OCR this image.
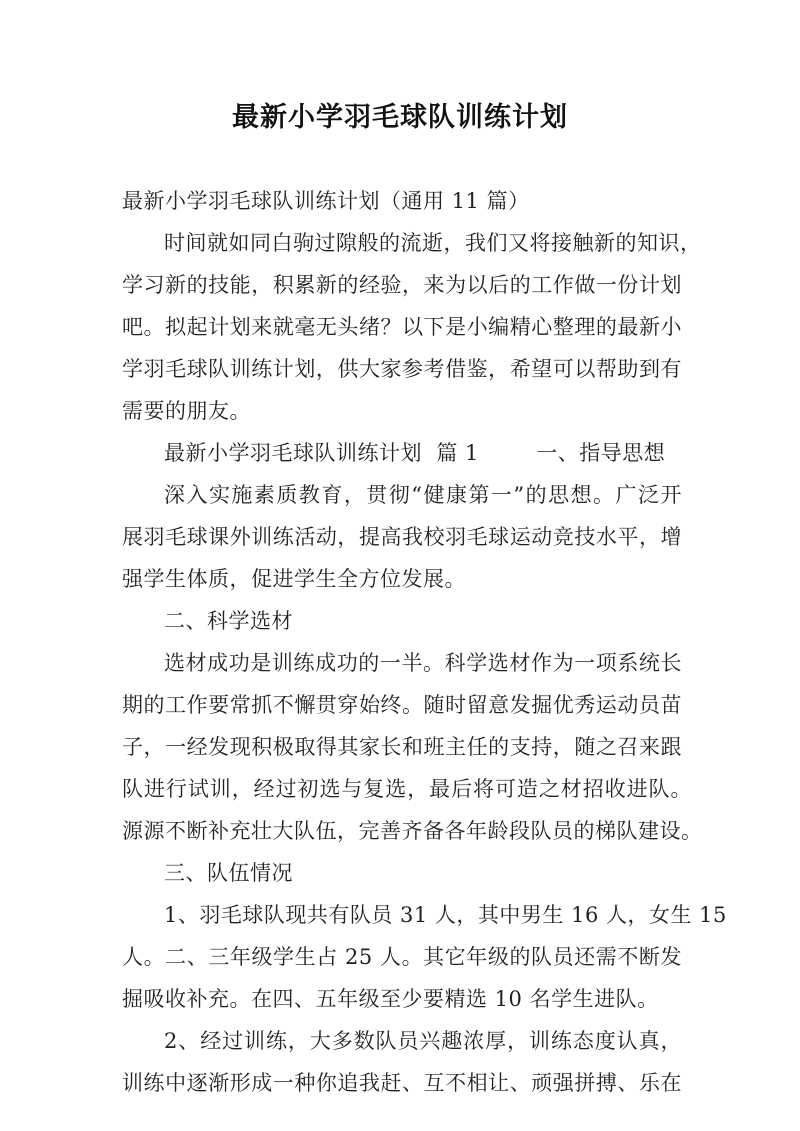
最新小学羽毛球队训练计划
最新小学羽毛球队训练计划（通用 11 篇）
时间就如同白驹过隙般的流逝，我们又将接触新的知识，
学习新的技能，积累新的经验，来为以后的工作做一份计划
吧。拟起计划来就毫无头绪？以下是小编精心整理的最新小
学羽毛球队训练计划，供大家参考借鉴，希望可以帮助到有
需要的朋友。
最新小学羽毛球队训练计划  篇 1        一、指导思想
深入实施素质教育，贯彻“健康第一”的思想。广泛开
展羽毛球课外训练活动，提高我校羽毛球运动竞技水平，增
强学生体质，促进学生全方位发展。
二、科学选材
选材成功是训练成功的一半。科学选材作为一项系统长
期的工作要常抓不懈贯穿始终。随时留意发掘优秀运动员苗
子，一经发现积极取得其家长和班主任的支持，随之召来跟
队进行试训，经过初选与复选，最后将可造之材招收进队。
源源不断补充壮大队伍，完善齐备各年龄段队员的梯队建设。
三、队伍情况
1、羽毛球队现共有队员 31 人，其中男生 16 人，女生 15
人。二、三年级学生占 25 人。其它年级的队员还需不断发
掘吸收补充。在四、五年级至少要精选 10 名学生进队。
2、经过训练，大多数队员兴趣浓厚，训练态度认真，
训练中逐渐形成一种你追我赶、互不相让、顽强拼搏、乐在
